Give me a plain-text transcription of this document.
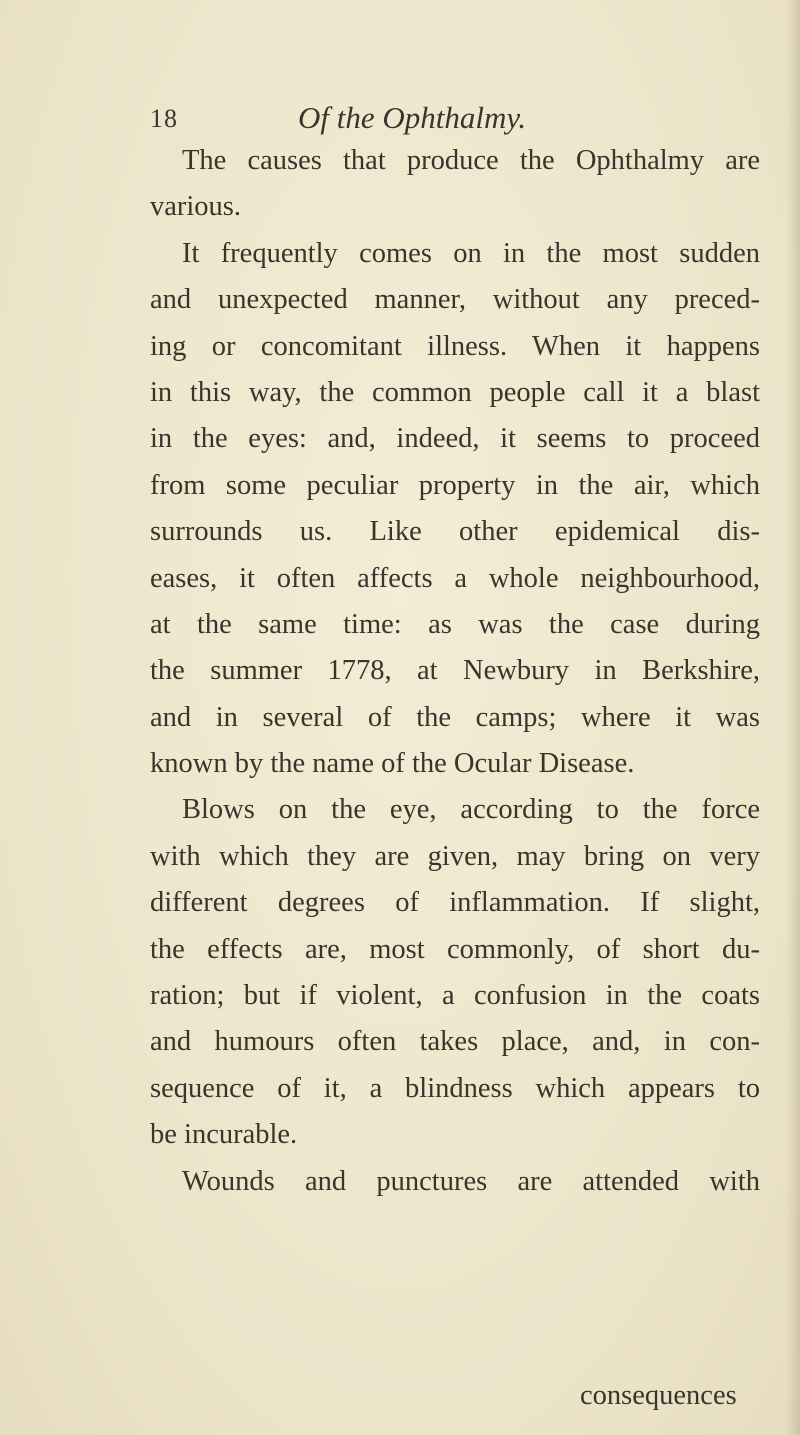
18	Of the Ophthalmy.
The causes that produce the Ophthalmy are
various.
It frequently comes on in the most sudden
and unexpected manner, without any preced-
ing or concomitant illness. When it happens
in this way, the common people call it a blast
in the eyes: and, indeed, it seems to proceed
from some peculiar property in the air, which
surrounds us. Like other epidemical dis-
eases, it often affects a whole neighbourhood,
at the same time: as was the case during
the summer 1778, at Newbury in Berkshire,
and in several of the camps; where it was
known by the name of the Ocular Disease.
Blows on the eye, according to the force
with which they are given, may bring on very
different degrees of inflammation. If slight,
the effects are, most commonly, of short du-
ration; but if violent, a confusion in the coats
and humours often takes place, and, in con-
sequence of it, a blindness which appears to
be incurable.
Wounds and punctures are attended with
consequences
